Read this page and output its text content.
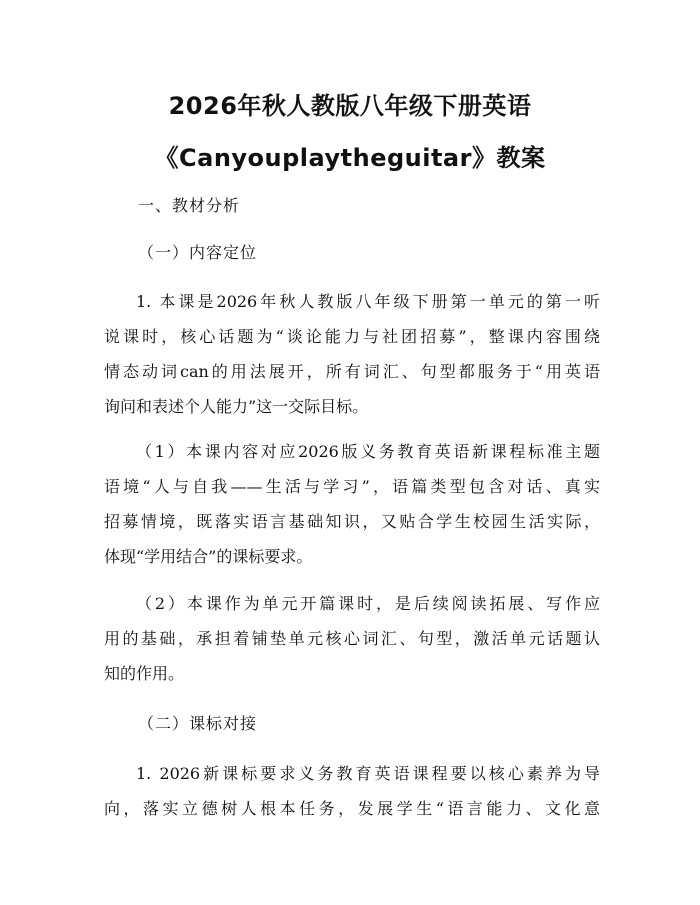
2026年秋人教版八年级下册英语
《Canyouplaytheguitar》教案
一、教材分析
（一）内容定位
1. 本课是2026年秋人教版八年级下册第一单元的第一听
说课时，核心话题为“谈论能力与社团招募”，整课内容围绕
情态动词can的用法展开，所有词汇、句型都服务于“用英语
询问和表述个人能力”这一交际目标。
（1）本课内容对应2026版义务教育英语新课程标准主题
语境“人与自我——生活与学习”，语篇类型包含对话、真实
招募情境，既落实语言基础知识，又贴合学生校园生活实际，
体现“学用结合”的课标要求。
（2）本课作为单元开篇课时，是后续阅读拓展、写作应
用的基础，承担着铺垫单元核心词汇、句型，激活单元话题认
知的作用。
（二）课标对接
1. 2026新课标要求义务教育英语课程要以核心素养为导
向，落实立德树人根本任务，发展学生“语言能力、文化意
